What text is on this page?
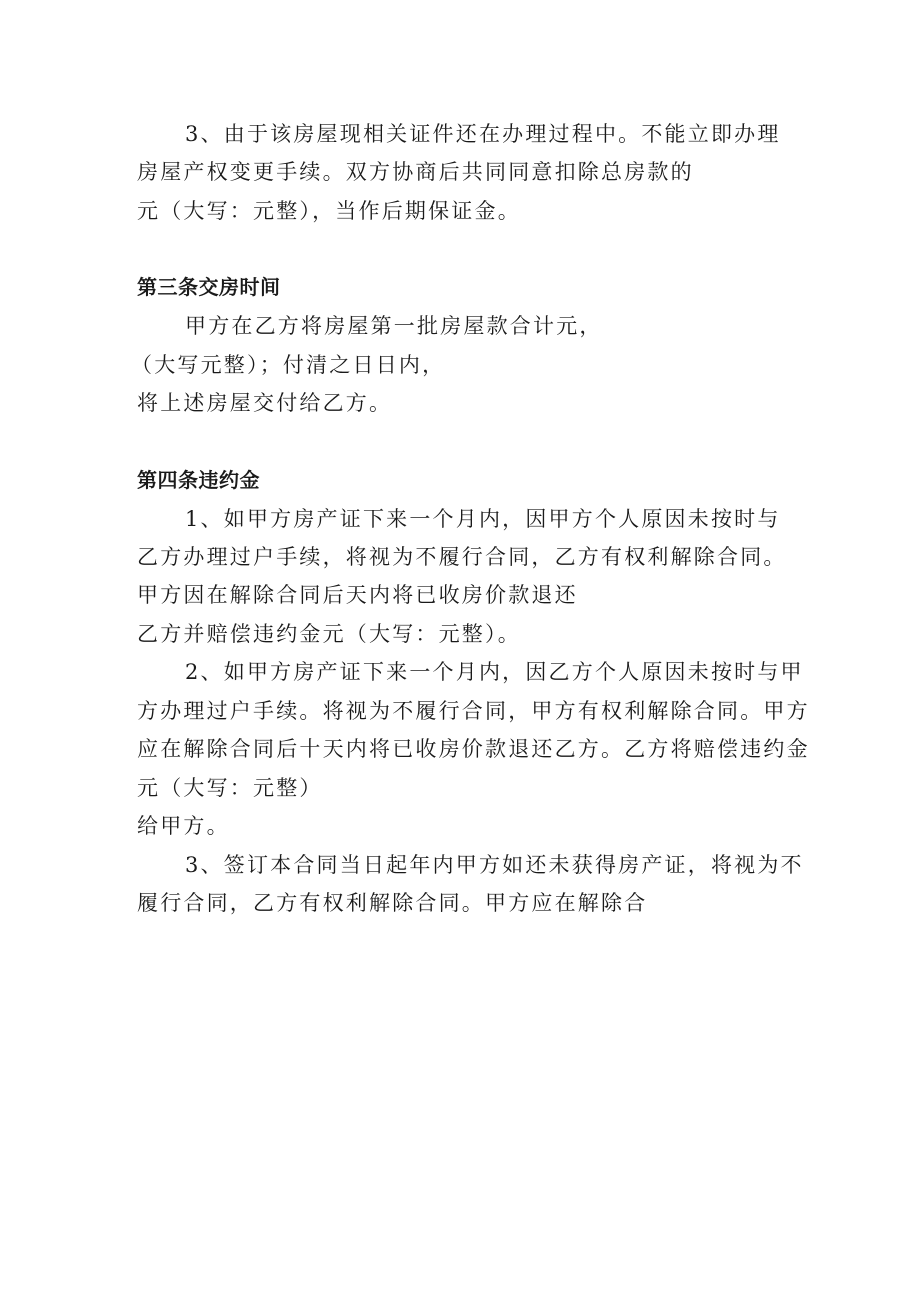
3、由于该房屋现相关证件还在办理过程中。不能立即办理
房屋产权变更手续。双方协商后共同同意扣除总房款的
元（大写：元整），当作后期保证金。
第三条交房时间
甲方在乙方将房屋第一批房屋款合计元，
（大写元整）；付清之日日内，
将上述房屋交付给乙方。
第四条违约金
1、如甲方房产证下来一个月内，因甲方个人原因未按时与
乙方办理过户手续，将视为不履行合同，乙方有权利解除合同。
甲方因在解除合同后天内将已收房价款退还
乙方并赔偿违约金元（大写：元整）。
2、如甲方房产证下来一个月内，因乙方个人原因未按时与甲
方办理过户手续。将视为不履行合同，甲方有权利解除合同。甲方
应在解除合同后十天内将已收房价款退还乙方。乙方将赔偿违约金
元（大写：元整）
给甲方。
3、签订本合同当日起年内甲方如还未获得房产证，将视为不
履行合同，乙方有权利解除合同。甲方应在解除合
